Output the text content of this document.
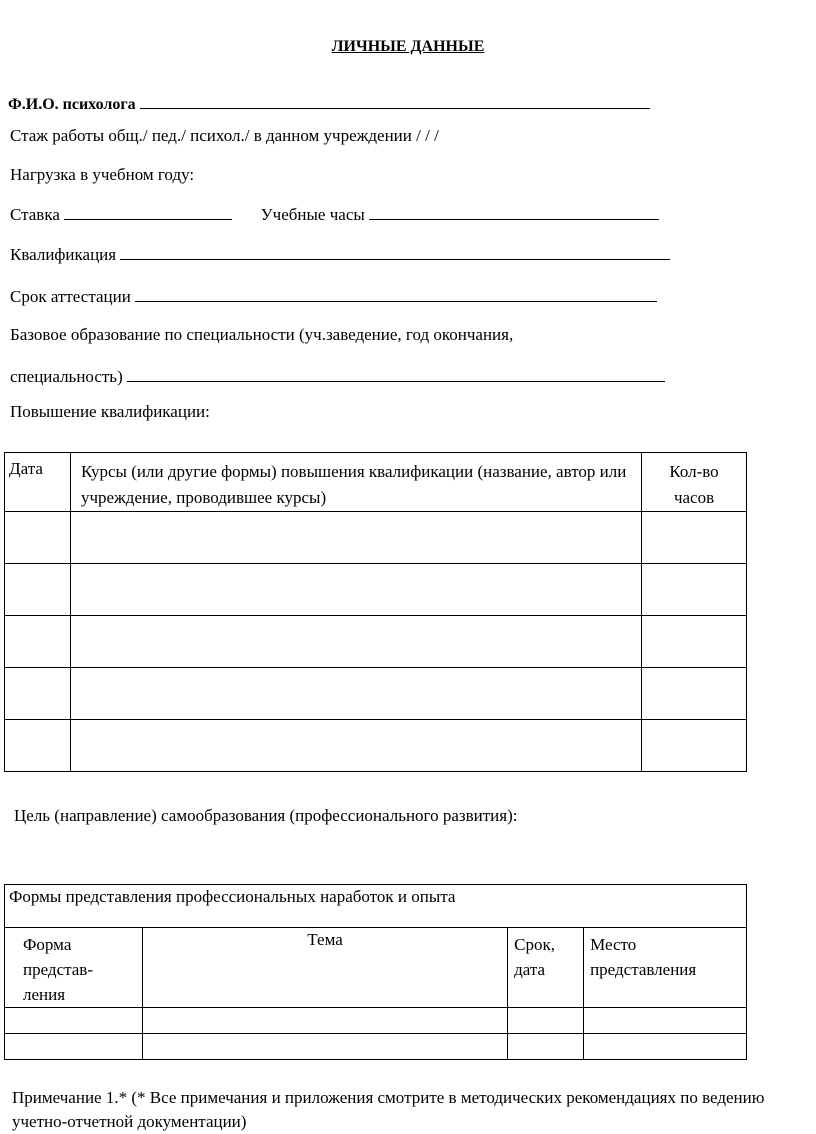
ЛИЧНЫЕ ДАННЫЕ
Ф.И.О. психолога
Стаж работы общ./ пед./ психол./ в данном учреждении / / /
Нагрузка в учебном году:
Ставка	Учебные часы
Квалификация
Срок аттестации
Базовое образование по специальности (уч.заведение, год окончания,
специальность)
Повышение квалификации:
Дата	Курсы (или другие формы) повышения квалификации (название, автор или учреждение, проводившее курсы)	Кол-во часов

Цель (направление) самообразования (профессионального развития):
Формы представления профессиональных наработок и опыта			

Форма представ-ления	Тема	Срок, дата	Место представления

Примечание 1.* (* Все примечания и приложения смотрите в методических рекомендациях по ведению учетно-отчетной документации)
